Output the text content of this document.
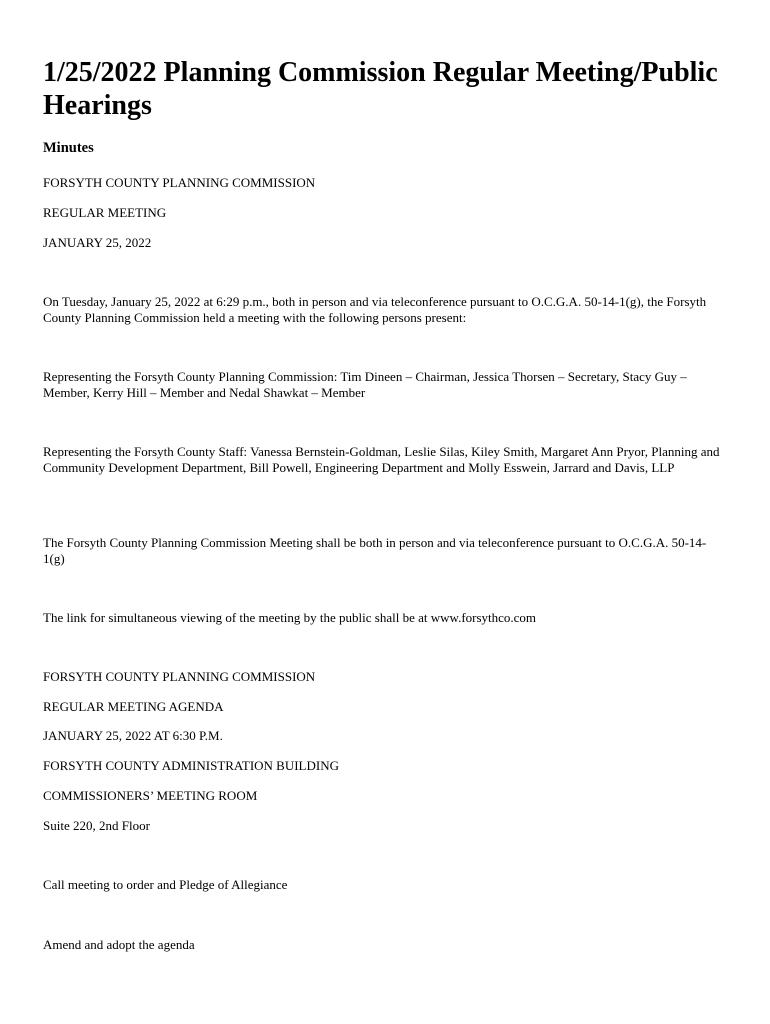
1/25/2022 Planning Commission Regular Meeting/Public Hearings

Minutes

FORSYTH COUNTY PLANNING COMMISSION

REGULAR MEETING

JANUARY 25, 2022

On Tuesday, January 25, 2022 at 6:29 p.m., both in person and via teleconference pursuant to O.C.G.A. 50-14-1(g), the Forsyth County Planning Commission held a meeting with the following persons present:

Representing the Forsyth County Planning Commission: Tim Dineen – Chairman, Jessica Thorsen – Secretary, Stacy Guy – Member, Kerry Hill – Member and Nedal Shawkat – Member

Representing the Forsyth County Staff: Vanessa Bernstein-Goldman, Leslie Silas, Kiley Smith, Margaret Ann Pryor, Planning and Community Development Department, Bill Powell, Engineering Department and Molly Esswein, Jarrard and Davis, LLP

The Forsyth County Planning Commission Meeting shall be both in person and via teleconference pursuant to O.C.G.A. 50-14-1(g)

The link for simultaneous viewing of the meeting by the public shall be at www.forsythco.com

FORSYTH COUNTY PLANNING COMMISSION

REGULAR MEETING AGENDA

JANUARY 25, 2022 AT 6:30 P.M.

FORSYTH COUNTY ADMINISTRATION BUILDING

COMMISSIONERS’ MEETING ROOM

Suite 220, 2nd Floor

Call meeting to order and Pledge of Allegiance

Amend and adopt the agenda
